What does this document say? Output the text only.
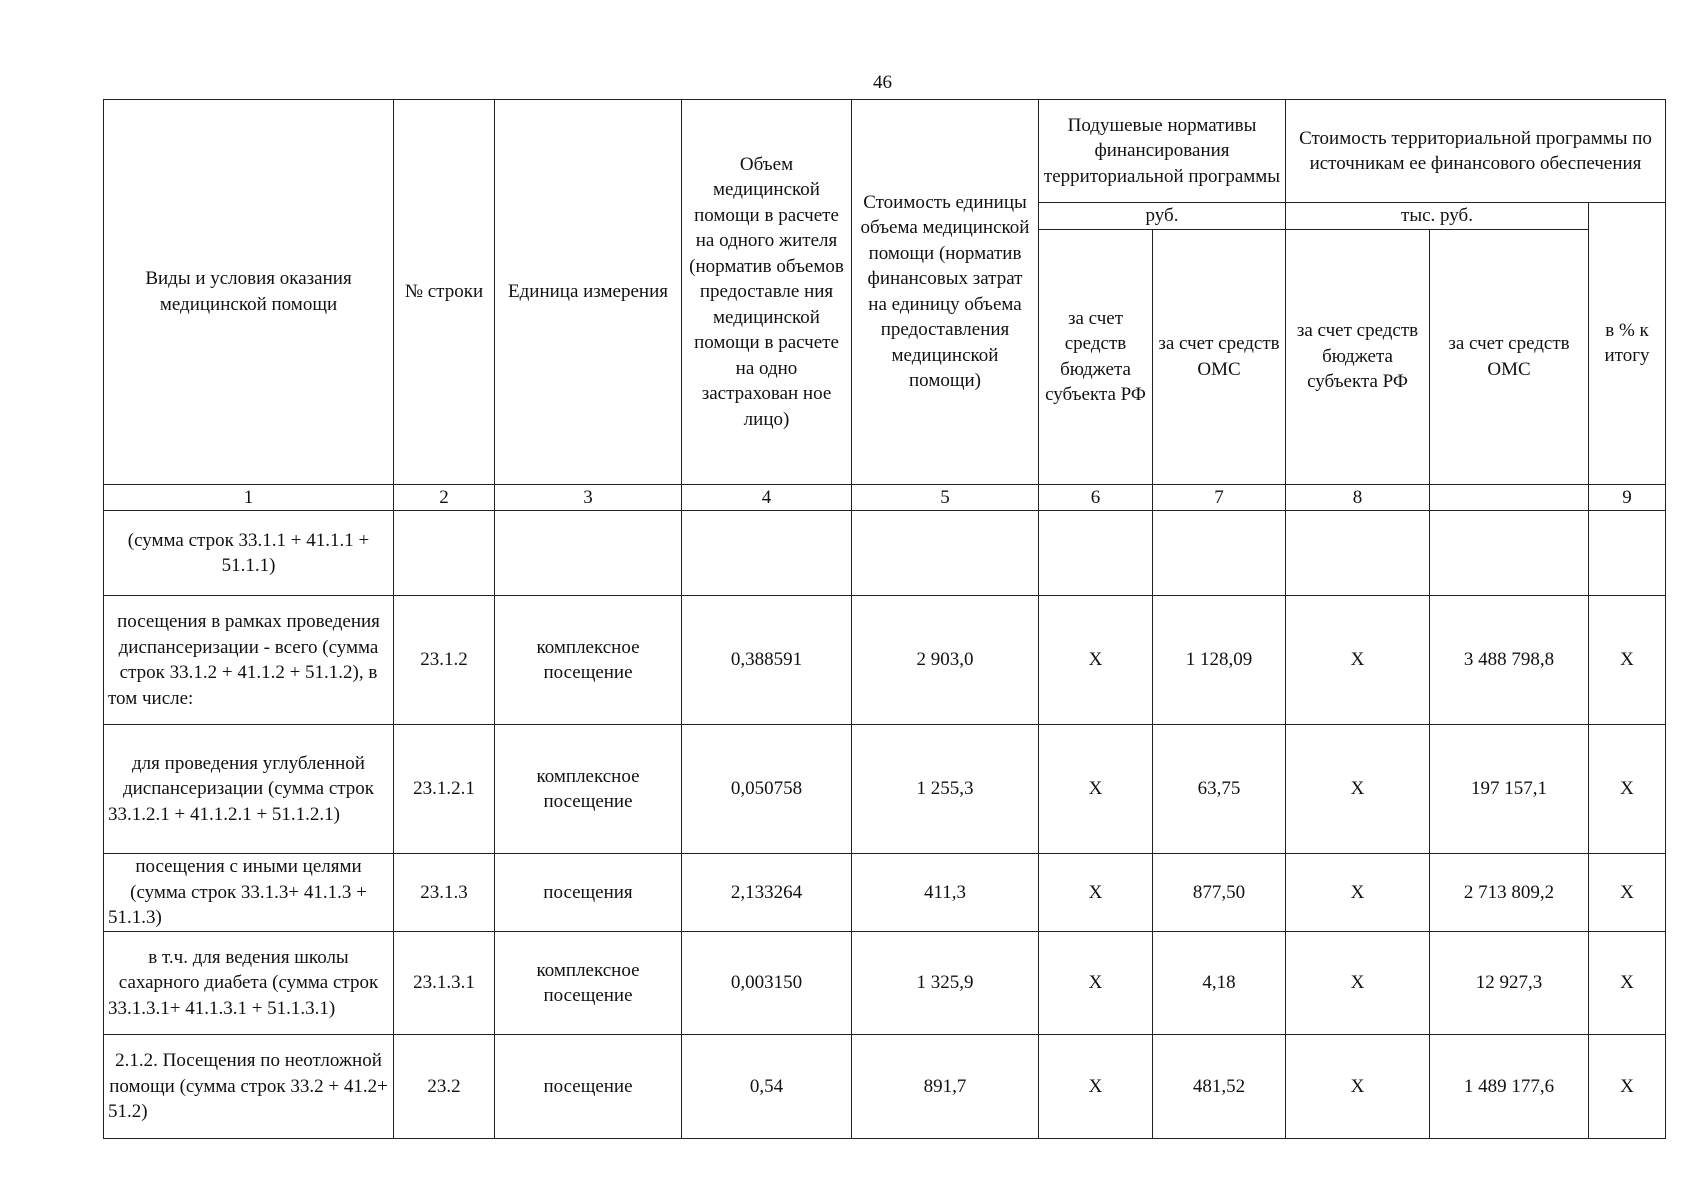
46
Виды и условия оказания медицинской помощи	№ строки	Единица измерения	Объем медицинской помощи в расчете на одного жителя (норматив объемов предоставле ния медицинской помощи в расчете на одно застрахован ное лицо)	Стоимость единицы объема медицинской помощи (норматив финансовых затрат на единицу объема предоставления медицинской помощи)	Подушевые нормативы финансирования территориальной программы		Стоимость территориальной программы по источникам ее финансового обеспечения		
					руб.		тыс. руб.		в % к итогу
					за счет средств бюджета субъекта РФ	за счет средств ОМС	за счет средств бюджета субъекта РФ	за счет средств ОМС	
1	2	3	4	5	6	7	8		9
(сумма строк 33.1.1 + 41.1.1 + 51.1.1)									
посещения в рамках проведения диспансеризации - всего (сумма строк 33.1.2 + 41.1.2 + 51.1.2), в том числе:	23.1.2	комплексное посещение	0,388591	2 903,0	X	1 128,09	X	3 488 798,8	X
для проведения углубленной диспансеризации (сумма строк 33.1.2.1 + 41.1.2.1 + 51.1.2.1)	23.1.2.1	комплексное посещение	0,050758	1 255,3	X	63,75	X	197 157,1	X
посещения с иными целями (сумма строк 33.1.3+ 41.1.3 + 51.1.3)	23.1.3	посещения	2,133264	411,3	X	877,50	X	2 713 809,2	X
в т.ч. для ведения школы сахарного диабета (сумма строк 33.1.3.1+ 41.1.3.1 + 51.1.3.1)	23.1.3.1	комплексное посещение	0,003150	1 325,9	X	4,18	X	12 927,3	X
2.1.2. Посещения по неотложной помощи (сумма строк 33.2 + 41.2+ 51.2)	23.2	посещение	0,54	891,7	X	481,52	X	1 489 177,6	X
